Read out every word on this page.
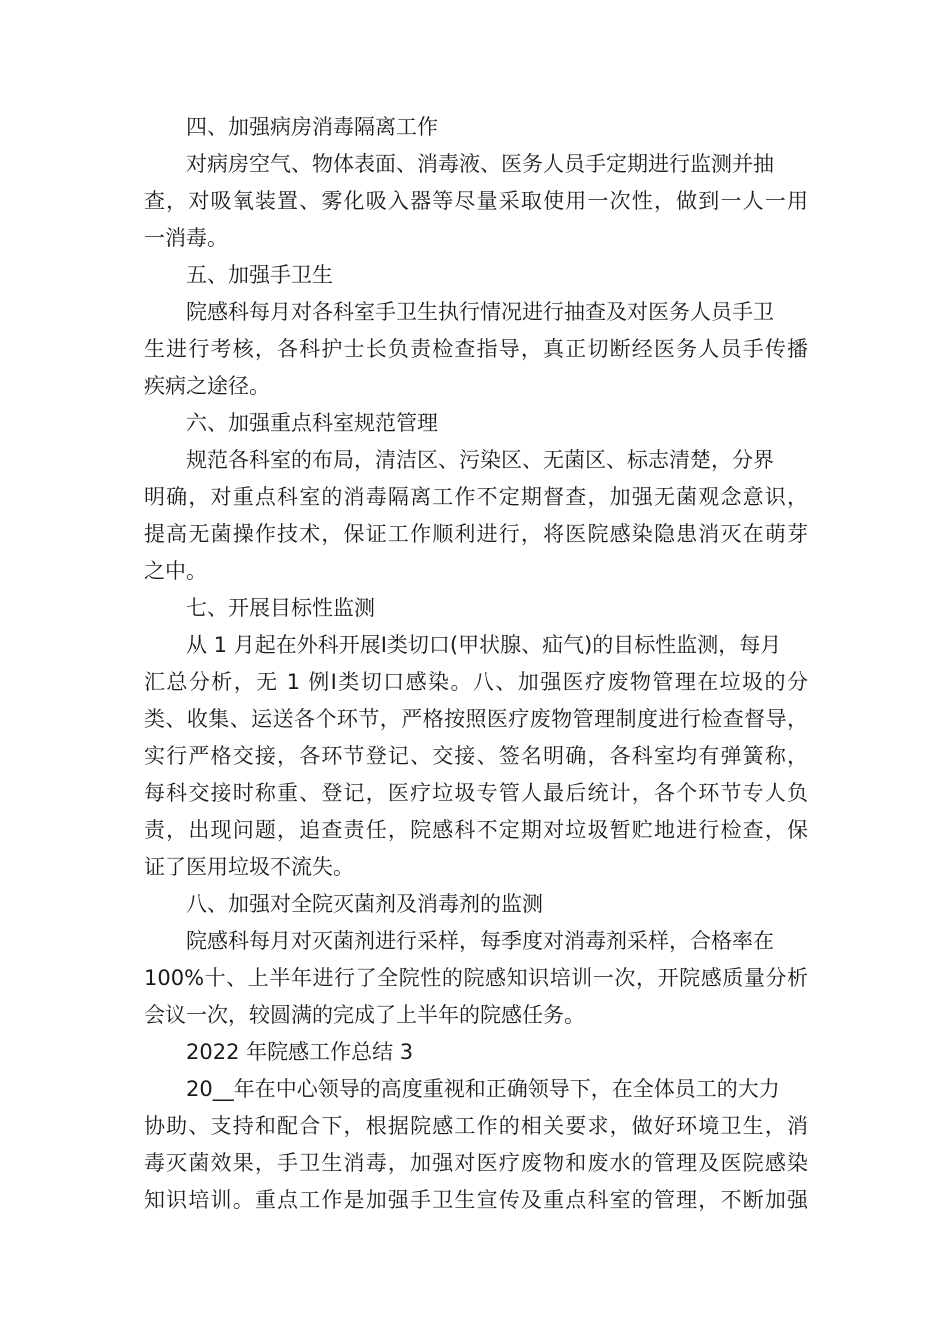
四、加强病房消毒隔离工作
对病房空气、物体表面、消毒液、医务人员手定期进行监测并抽
查，对吸氧装置、雾化吸入器等尽量采取使用一次性，做到一人一用
一消毒。
五、加强手卫生
院感科每月对各科室手卫生执行情况进行抽查及对医务人员手卫
生进行考核，各科护士长负责检查指导，真正切断经医务人员手传播
疾病之途径。
六、加强重点科室规范管理
规范各科室的布局，清洁区、污染区、无菌区、标志清楚，分界
明确，对重点科室的消毒隔离工作不定期督查，加强无菌观念意识，
提高无菌操作技术，保证工作顺利进行，将医院感染隐患消灭在萌芽
之中。
七、开展目标性监测
从 1 月起在外科开展Ⅰ类切口(甲状腺、疝气)的目标性监测，每月
汇总分析，无 1 例Ⅰ类切口感染。八、加强医疗废物管理在垃圾的分
类、收集、运送各个环节，严格按照医疗废物管理制度进行检查督导，
实行严格交接，各环节登记、交接、签名明确，各科室均有弹簧称，
每科交接时称重、登记，医疗垃圾专管人最后统计，各个环节专人负
责，出现问题，追查责任，院感科不定期对垃圾暂贮地进行检查，保
证了医用垃圾不流失。
八、加强对全院灭菌剂及消毒剂的监测
院感科每月对灭菌剂进行采样，每季度对消毒剂采样，合格率在
100%十、上半年进行了全院性的院感知识培训一次，开院感质量分析
会议一次，较圆满的完成了上半年的院感任务。
2022 年院感工作总结 3
20__年在中心领导的高度重视和正确领导下，在全体员工的大力
协助、支持和配合下，根据院感工作的相关要求，做好环境卫生，消
毒灭菌效果，手卫生消毒，加强对医疗废物和废水的管理及医院感染
知识培训。重点工作是加强手卫生宣传及重点科室的管理，不断加强
